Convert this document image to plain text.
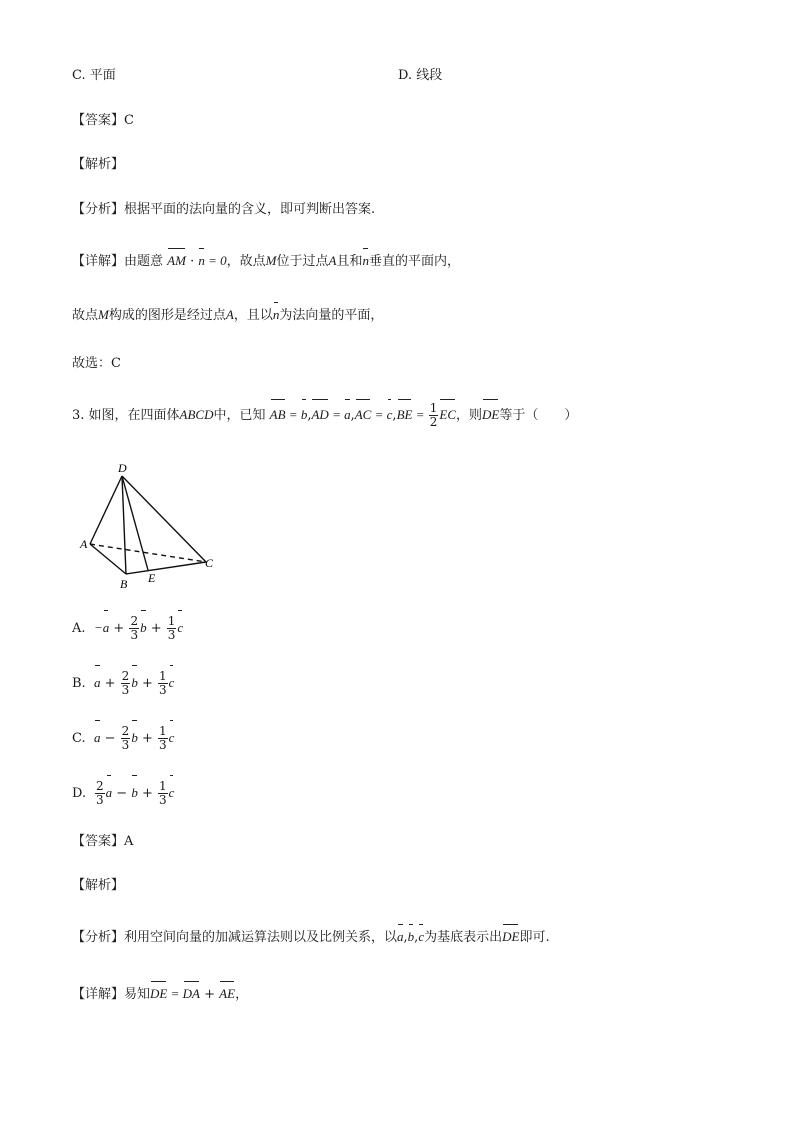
C. 平面	D. 线段
【答案】C
【解析】
【分析】根据平面的法向量的含义，即可判断出答案.
【详解】由题意 AM · n = 0，故点M位于过点A且和n垂直的平面内，
故点M构成的图形是经过点A，且以n为法向量的平面，
故选：C
3. 如图，在四面体ABCD中，已知 AB = $b,AD = a,AC = c,BE = \frac{1}{2}$ EC，则DE等于（　　）
D
A
B E
C
A. $-a + \frac{2}{3}$ $b + \frac{1}{3}$ c
B. $a + \frac{2}{3}$ $b + \frac{1}{3}$ c
C. $a - \frac{2}{3}$ $b + \frac{1}{3}$ c
D. $\frac{2}{3}$ $a - b + \frac{1}{3}$ c
【答案】A
【解析】
【分析】利用空间向量的加减运算法则以及比例关系，以a,b,c为基底表示出DE即可.
【详解】易知DE = DA + AE，
